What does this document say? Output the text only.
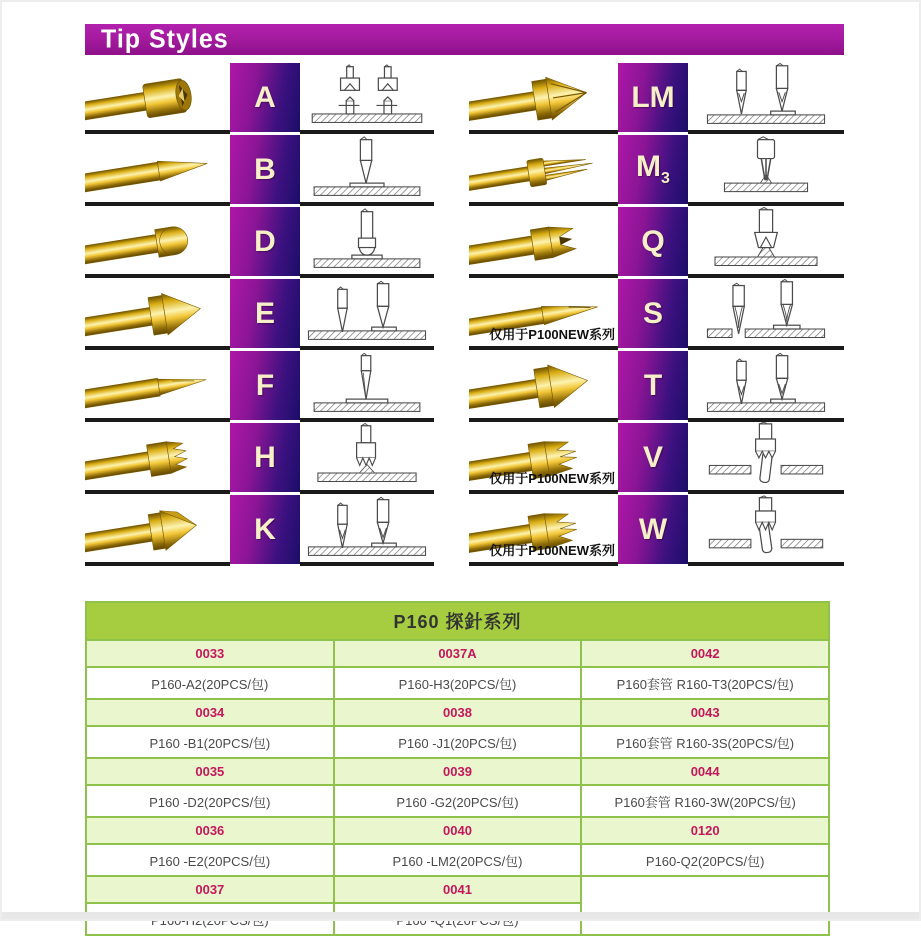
Tip Styles
A
B
D
E
F
H
K
LM
$M_3$
Q
仅用于P100NEW系列
S
T
仅用于P100NEW系列
V
仅用于P100NEW系列
W
P160 探針系列		
0033	0037A	0042
P160-A2(20PCS/包)	P160-H3(20PCS/包)	P160套管 R160-T3(20PCS/包)
0034	0038	0043
P160 -B1(20PCS/包)	P160 -J1(20PCS/包)	P160套管 R160-3S(20PCS/包)
0035	0039	0044
P160 -D2(20PCS/包)	P160 -G2(20PCS/包)	P160套管 R160-3W(20PCS/包)
0036	0040	0120
P160 -E2(20PCS/包)	P160 -LM2(20PCS/包)	P160-Q2(20PCS/包)
0037	0041	
